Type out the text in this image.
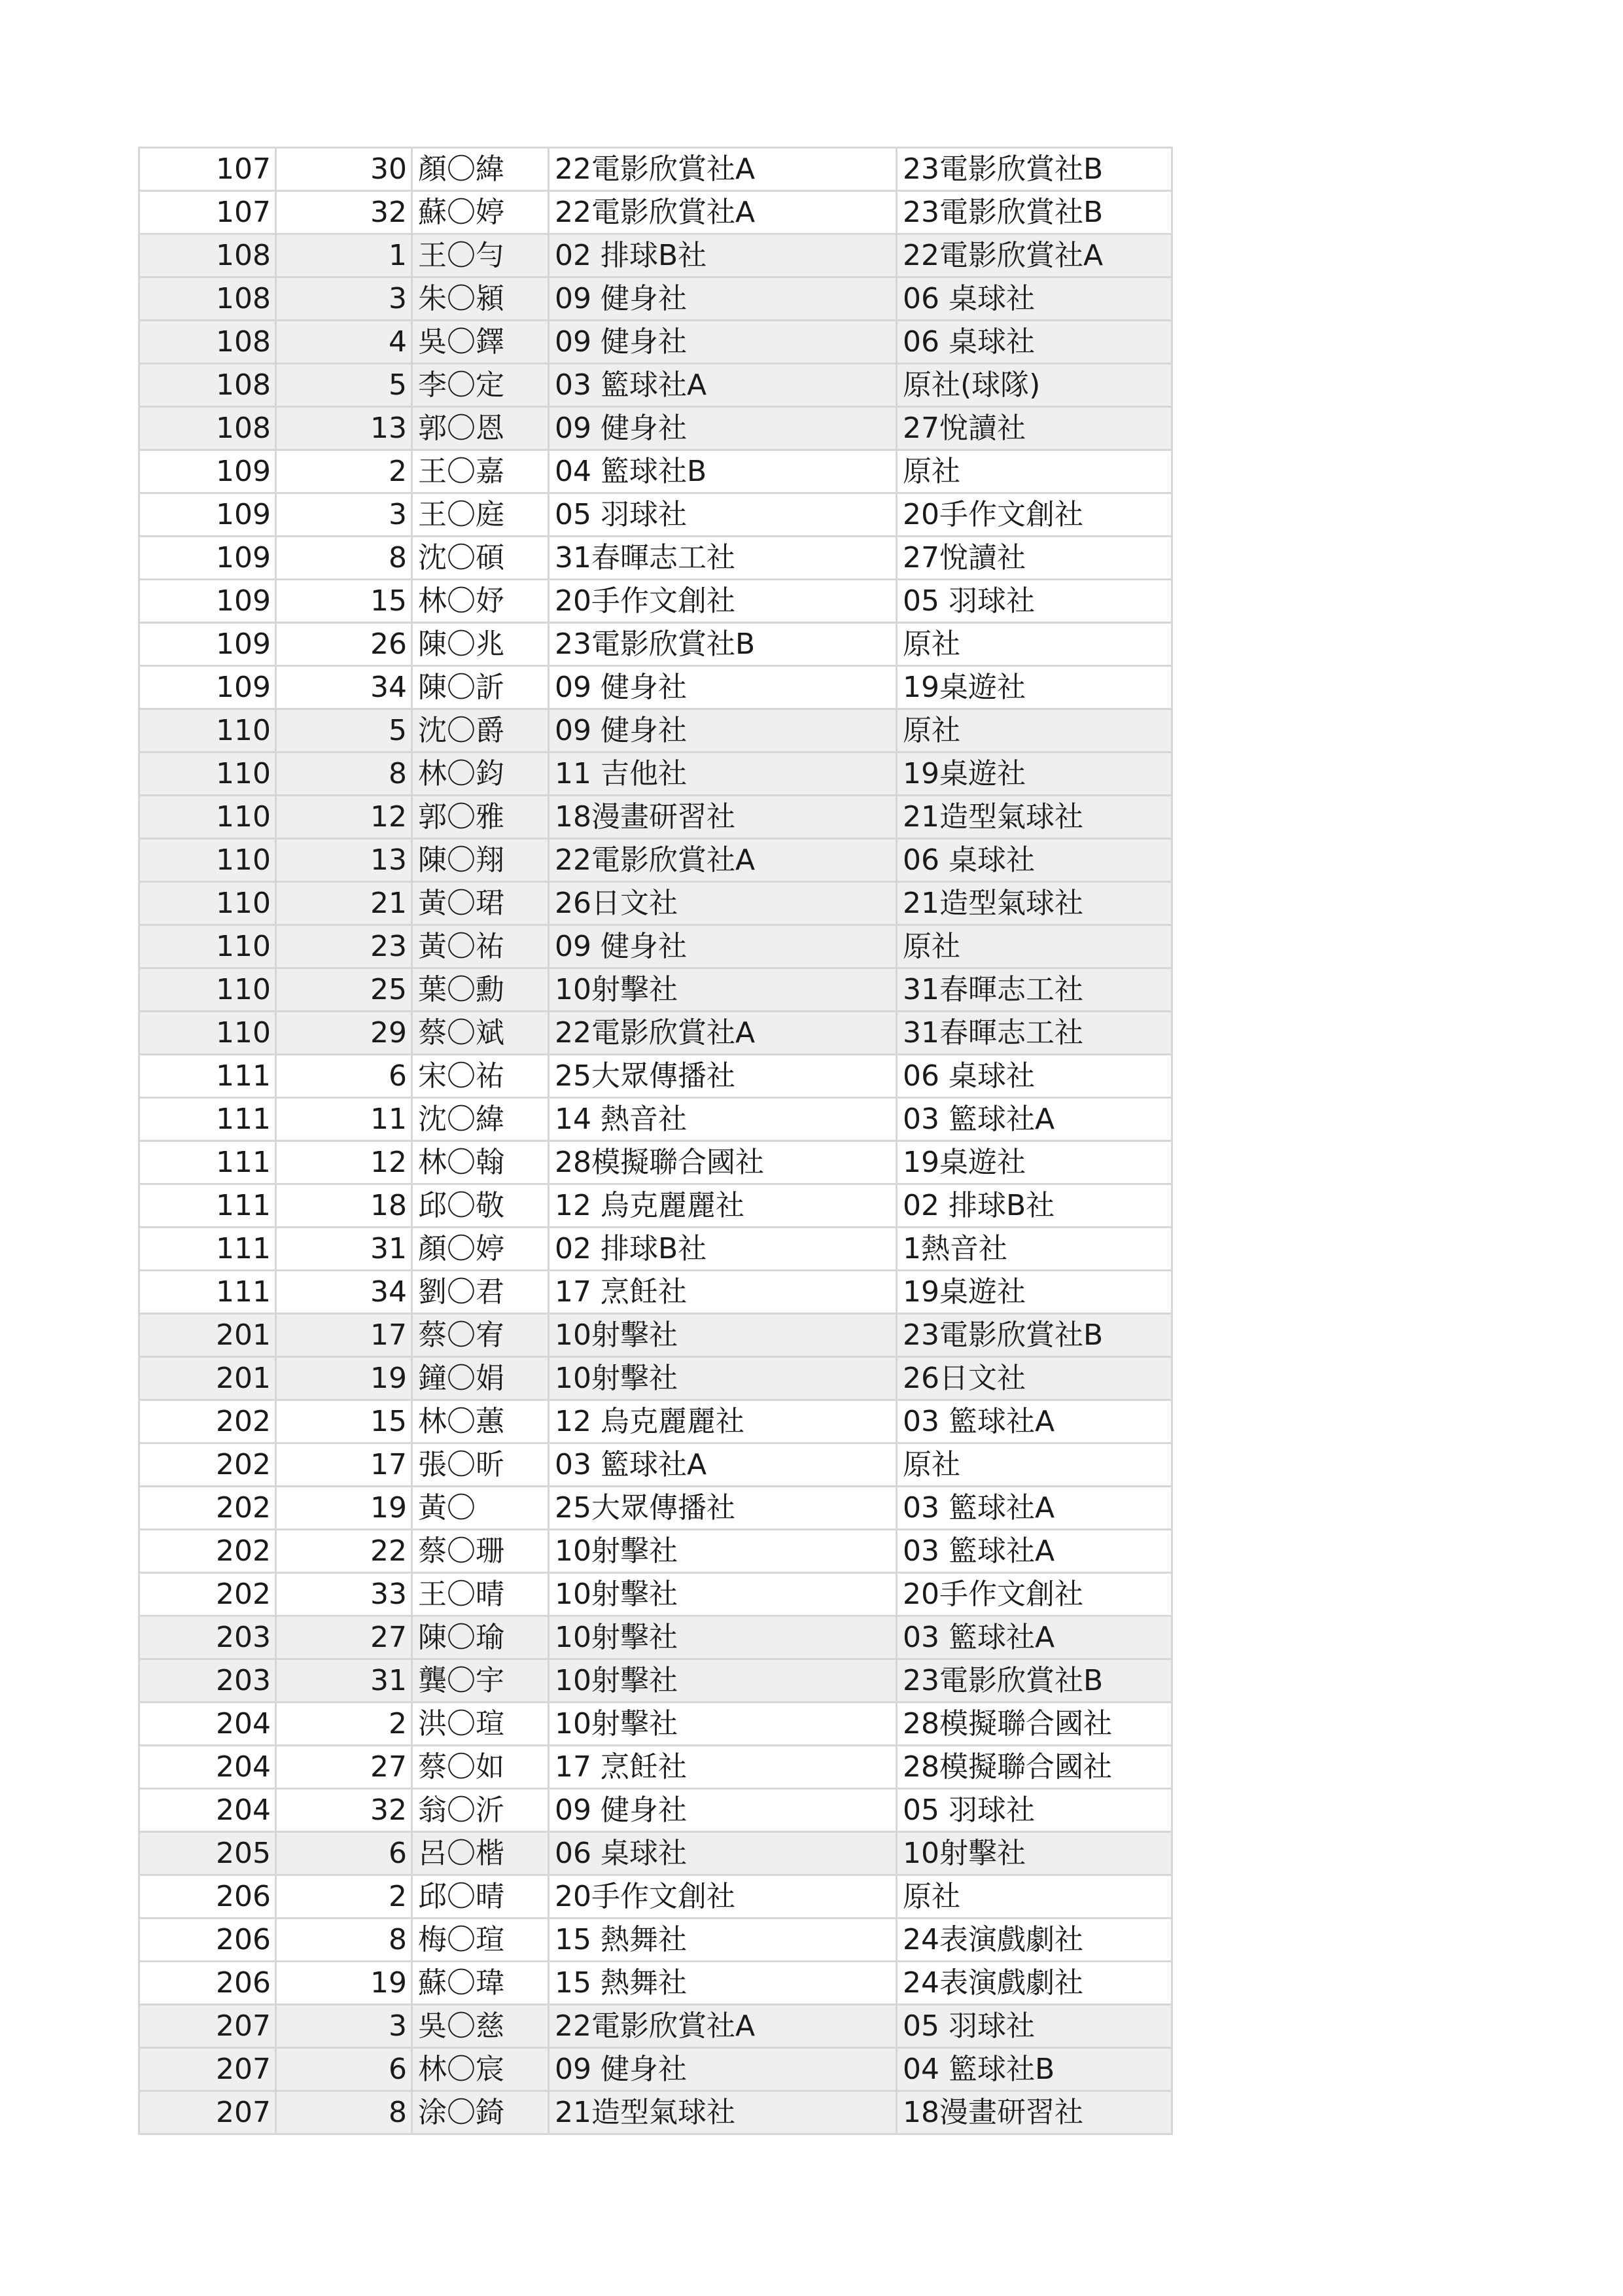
107	30	顏〇緯	22電影欣賞社A	23電影欣賞社B
107	32	蘇〇婷	22電影欣賞社A	23電影欣賞社B
108	1	王〇勻	02 排球B社	22電影欣賞社A
108	3	朱〇潁	09 健身社	06 桌球社
108	4	吳〇鐸	09 健身社	06 桌球社
108	5	李〇定	03 籃球社A	原社(球隊)
108	13	郭〇恩	09 健身社	27悅讀社
109	2	王〇嘉	04 籃球社B	原社
109	3	王〇庭	05 羽球社	20手作文創社
109	8	沈〇碩	31春暉志工社	27悅讀社
109	15	林〇妤	20手作文創社	05 羽球社
109	26	陳〇兆	23電影欣賞社B	原社
109	34	陳〇訢	09 健身社	19桌遊社
110	5	沈〇爵	09 健身社	原社
110	8	林〇鈞	11 吉他社	19桌遊社
110	12	郭〇雅	18漫畫研習社	21造型氣球社
110	13	陳〇翔	22電影欣賞社A	06 桌球社
110	21	黃〇珺	26日文社	21造型氣球社
110	23	黃〇祐	09 健身社	原社
110	25	葉〇勳	10射擊社	31春暉志工社
110	29	蔡〇斌	22電影欣賞社A	31春暉志工社
111	6	宋〇祐	25大眾傳播社	06 桌球社
111	11	沈〇緯	14 熱音社	03 籃球社A
111	12	林〇翰	28模擬聯合國社	19桌遊社
111	18	邱〇敬	12 烏克麗麗社	02 排球B社
111	31	顏〇婷	02 排球B社	1熱音社
111	34	劉〇君	17 烹飪社	19桌遊社
201	17	蔡〇宥	10射擊社	23電影欣賞社B
201	19	鐘〇娟	10射擊社	26日文社
202	15	林〇蕙	12 烏克麗麗社	03 籃球社A
202	17	張〇昕	03 籃球社A	原社
202	19	黃〇	25大眾傳播社	03 籃球社A
202	22	蔡〇珊	10射擊社	03 籃球社A
202	33	王〇晴	10射擊社	20手作文創社
203	27	陳〇瑜	10射擊社	03 籃球社A
203	31	龔〇宇	10射擊社	23電影欣賞社B
204	2	洪〇瑄	10射擊社	28模擬聯合國社
204	27	蔡〇如	17 烹飪社	28模擬聯合國社
204	32	翁〇沂	09 健身社	05 羽球社
205	6	呂〇楷	06 桌球社	10射擊社
206	2	邱〇晴	20手作文創社	原社
206	8	梅〇瑄	15 熱舞社	24表演戲劇社
206	19	蘇〇瑋	15 熱舞社	24表演戲劇社
207	3	吳〇慈	22電影欣賞社A	05 羽球社
207	6	林〇宸	09 健身社	04 籃球社B
207	8	涂〇錡	21造型氣球社	18漫畫研習社
